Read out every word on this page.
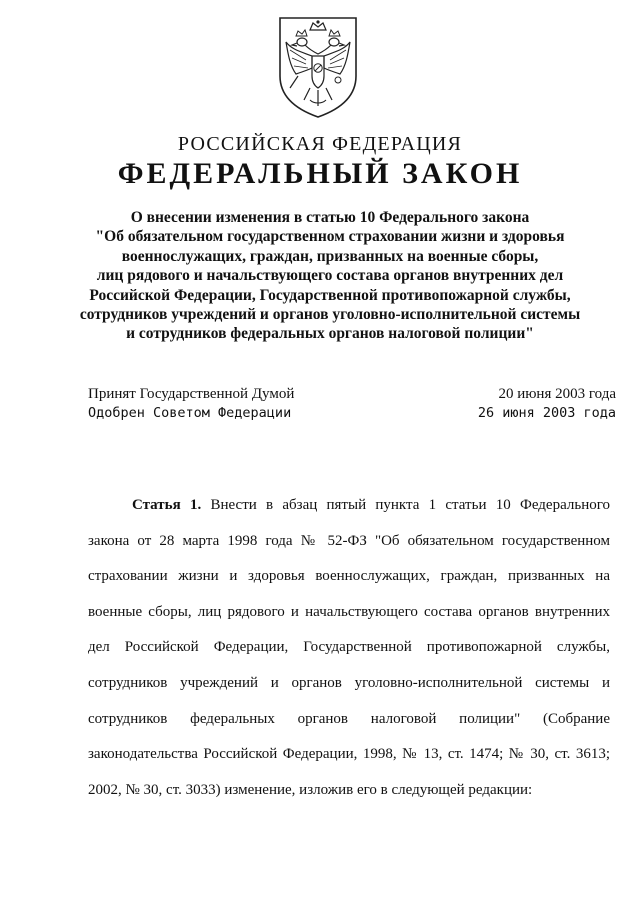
РОССИЙСКАЯ ФЕДЕРАЦИЯ
ФЕДЕРАЛЬНЫЙ ЗАКОН
О внесении изменения в статью 10 Федерального закона
"Об обязательном государственном страховании жизни и здоровья
военнослужащих, граждан, призванных на военные сборы,
лиц рядового и начальствующего состава органов внутренних дел
Российской Федерации, Государственной противопожарной службы,
сотрудников учреждений и органов уголовно-исполнительной системы
и сотрудников федеральных органов налоговой полиции"
Принят Государственной Думой	20 июня 2003 года
Одобрен Советом Федерации	26 июня 2003 года
Статья 1. Внести в абзац пятый пункта 1 статьи 10 Федерального
закона от 28 марта 1998 года № 52-ФЗ "Об обязательном государственном
страховании жизни и здоровья военнослужащих, граждан, призванных на
военные сборы, лиц рядового и начальствующего состава органов внутренних
дел Российской Федерации, Государственной противопожарной службы,
сотрудников учреждений и органов уголовно-исполнительной системы и
сотрудников федеральных органов налоговой полиции" (Собрание
законодательства Российской Федерации, 1998, № 13, ст. 1474; № 30, ст. 3613;
2002, № 30, ст. 3033) изменение, изложив его в следующей редакции:
